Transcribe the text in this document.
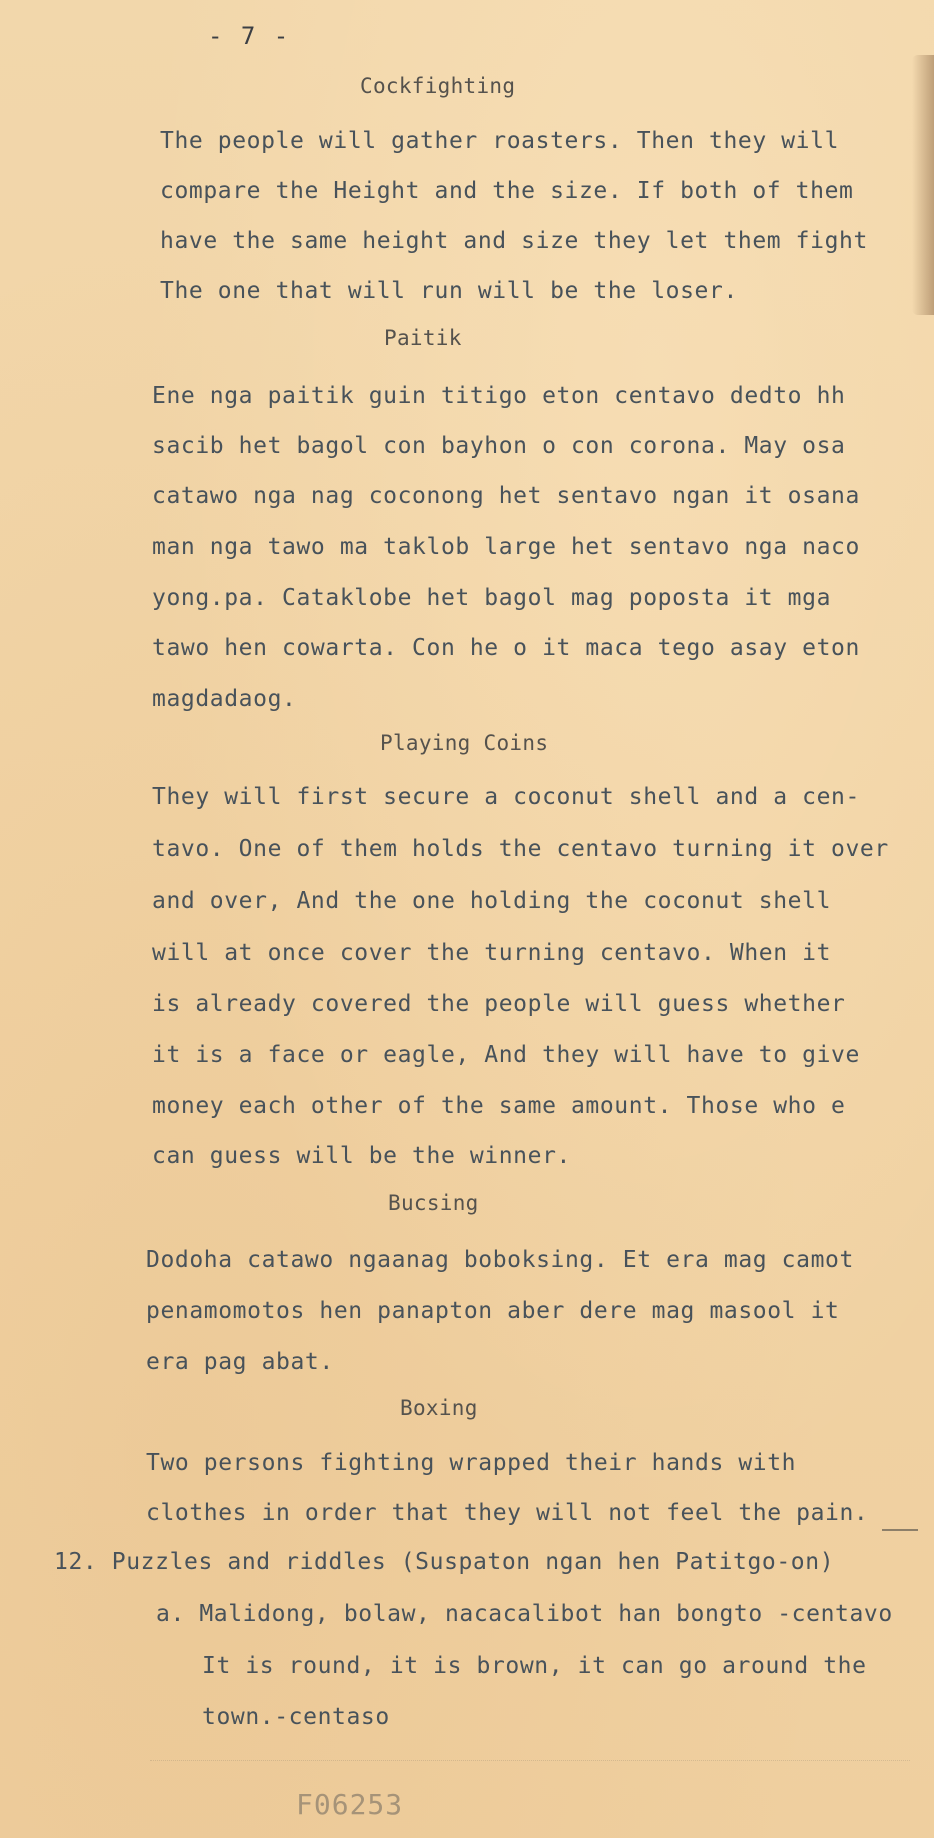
- 7 -
Cockfighting
The people will gather roasters. Then they will
compare the Height and the size. If both of them
have the same height and size they let them fight
The one that will run will be the loser.
Paitik
Ene nga paitik guin titigo eton centavo dedto hh
sacib het bagol con bayhon o con corona. May osa
catawo nga nag coconong het sentavo ngan it osana
man nga tawo ma taklob large het sentavo nga naco
yong.pa. Cataklobe het bagol mag poposta it mga
tawo hen cowarta. Con he o it maca tego asay eton
magdadaog.
Playing Coins
They will first secure a coconut shell and a cen-
tavo. One of them holds the centavo turning it over
and over, And the one holding the coconut shell
will at once cover the turning centavo. When it
is already covered the people will guess whether
it is a face or eagle, And they will have to give
money each other of the same amount. Those who e
can guess will be the winner.
Bucsing
Dodoha catawo ngaanag boboksing. Et era mag camot
penamomotos hen panapton aber dere mag masool it
era pag abat.
Boxing
Two persons fighting wrapped their hands with
clothes in order that they will not feel the pain.
12. Puzzles and riddles (Suspaton ngan hen Patitgo-on)
a. Malidong, bolaw, nacacalibot han bongto -centavo
It is round, it is brown, it can go around the
town.-centaso
F06253
